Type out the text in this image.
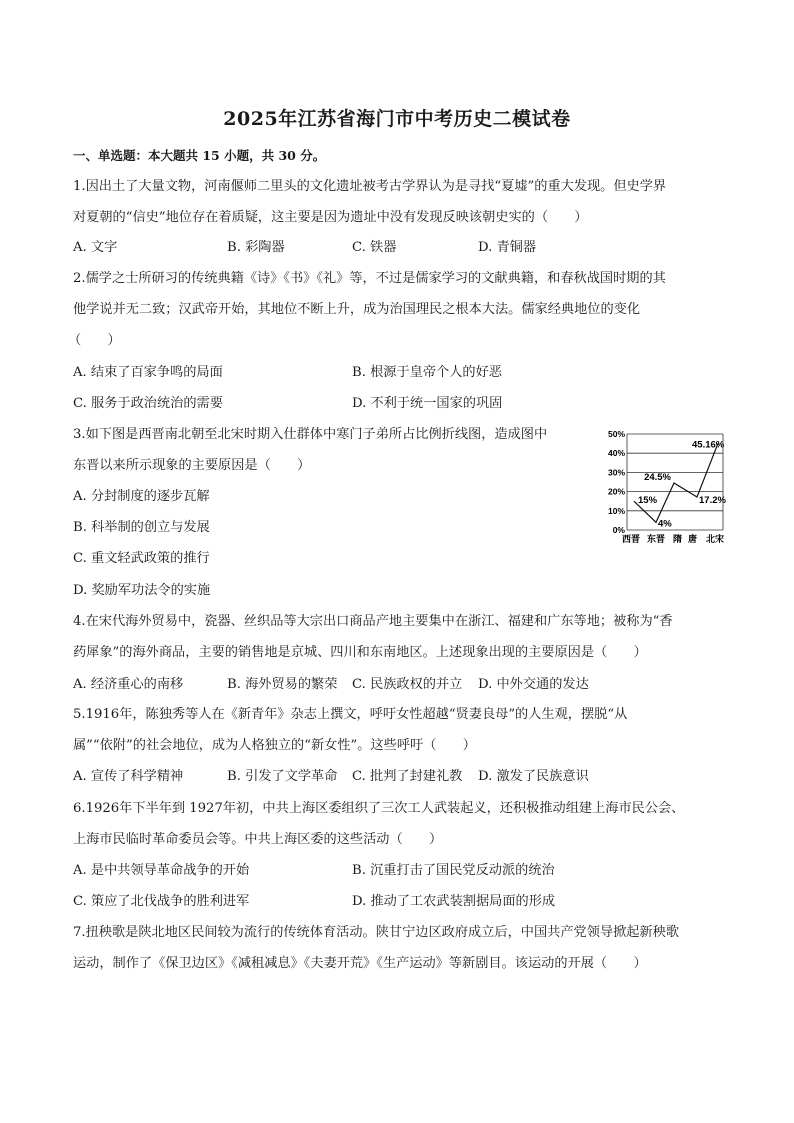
2025年江苏省海门市中考历史二模试卷
一、单选题：本大题共 15 小题，共 30 分。
1.因出土了大量文物，河南偃师二里头的文化遗址被考古学界认为是寻找“夏墟”的重大发现。但史学界
对夏朝的“信史”地位存在着质疑，这主要是因为遗址中没有发现反映该朝史实的（　　）
A. 文字	B. 彩陶器	C. 铁器	D. 青铜器
2.儒学之士所研习的传统典籍《诗》《书》《礼》等，不过是儒家学习的文献典籍，和春秋战国时期的其
他学说并无二致；汉武帝开始，其地位不断上升，成为治国理民之根本大法。儒家经典地位的变化
（　　）
A. 结束了百家争鸣的局面	B. 根源于皇帝个人的好恶
C. 服务于政治统治的需要	D. 不利于统一国家的巩固
3.如下图是西晋南北朝至北宋时期入仕群体中寒门子弟所占比例折线图，造成图中
东晋以来所示现象的主要原因是（　　）
A. 分封制度的逐步瓦解
B. 科举制的创立与发展
C. 重文轻武政策的推行
D. 奖励军功法令的实施
0%
10%
20%
30%
40%
50%
15%
4%
24.5%
17.2%
45.16%
西晋 东晋 隋 唐 北宋
4.在宋代海外贸易中，瓷器、丝织品等大宗出口商品产地主要集中在浙江、福建和广东等地；被称为“香
药犀象”的海外商品，主要的销售地是京城、四川和东南地区。上述现象出现的主要原因是（　　）
A. 经济重心的南移	B. 海外贸易的繁荣 C. 民族政权的并立 D. 中外交通的发达
5.1916年，陈独秀等人在《新青年》杂志上撰文，呼吁女性超越“贤妻良母”的人生观，摆脱“从
属”“依附”的社会地位，成为人格独立的“新女性”。这些呼吁（　　）
A. 宣传了科学精神	B. 引发了文学革命 C. 批判了封建礼教 D. 激发了民族意识
6.1926年下半年到 1927年初，中共上海区委组织了三次工人武装起义，还积极推动组建上海市民公会、
上海市民临时革命委员会等。中共上海区委的这些活动（　　）
A. 是中共领导革命战争的开始	B. 沉重打击了国民党反动派的统治
C. 策应了北伐战争的胜利进军	D. 推动了工农武装割据局面的形成
7.扭秧歌是陕北地区民间较为流行的传统体育活动。陕甘宁边区政府成立后，中国共产党领导掀起新秧歌
运动，制作了《保卫边区》《减租减息》《夫妻开荒》《生产运动》等新剧目。该运动的开展（　　）
